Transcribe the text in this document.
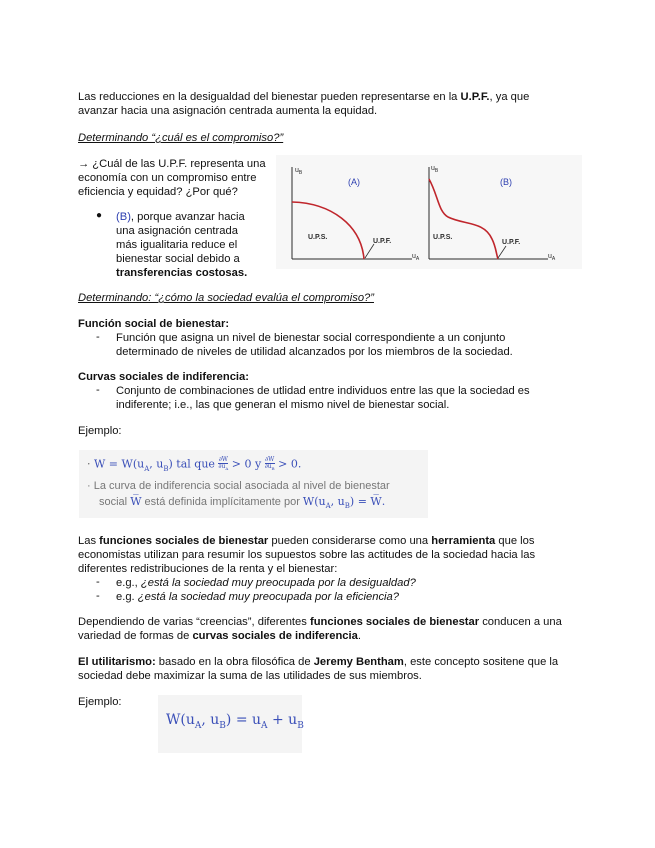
Las reducciones en la desigualdad del bienestar pueden representarse en la U.P.F., ya que

avanzar hacia una asignación centrada aumenta la equidad.

Determinando “¿cuál es el compromiso?”

→ ¿Cuál de las U.P.F. representa una

economía con un compromiso entre

eficiencia y equidad? ¿Por qué?

● (B), porque avanzar hacia

una asignación centrada

más igualitaria reduce el

bienestar social debido a

transferencias costosas.

$u_B$
(A)
U.P.S.
U.P.F.
$u_A$
$u_B$
(B)
U.P.S.
U.P.F.
$u_A$

Determinando: “¿cómo la sociedad evalúa el compromiso?”

Función social de bienestar:

- Función que asigna un nivel de bienestar social correspondiente a un conjunto

determinado de niveles de utilidad alcanzados por los miembros de la sociedad.

Curvas sociales de indiferencia:

- Conjunto de combinaciones de utlidad entre individuos entre las que la sociedad es

indiferente; i.e., las que generan el mismo nivel de bienestar social.

Ejemplo:

· $W = W(u_A$, $u_B$) tal que $\frac{\partial W}{\partial u_A} > 0$ y $\frac{\partial W}{\partial u_B} > 0$.
· La curva de indiferencia social asociada al nivel de bienestar
social W̅ está definida implícitamente por $W(u_A$, $u_B$) = W̅.

Las funciones sociales de bienestar pueden considerarse como una herramienta que los

economistas utilizan para resumir los supuestos sobre las actitudes de la sociedad hacia las

diferentes redistribuciones de la renta y el bienestar:

- e.g., ¿está la sociedad muy preocupada por la desigualdad?

- e.g. ¿está la sociedad muy preocupada por la eficiencia?

Dependiendo de varias “creencias”, diferentes funciones sociales de bienestar conducen a una

variedad de formas de curvas sociales de indiferencia.

El utilitarismo: basado en la obra filosófica de Jeremy Bentham, este concepto sositene que la

sociedad debe maximizar la suma de las utilidades de sus miembros.

Ejemplo:

$W(u_A$, $u_B) = u_A + u_B$
